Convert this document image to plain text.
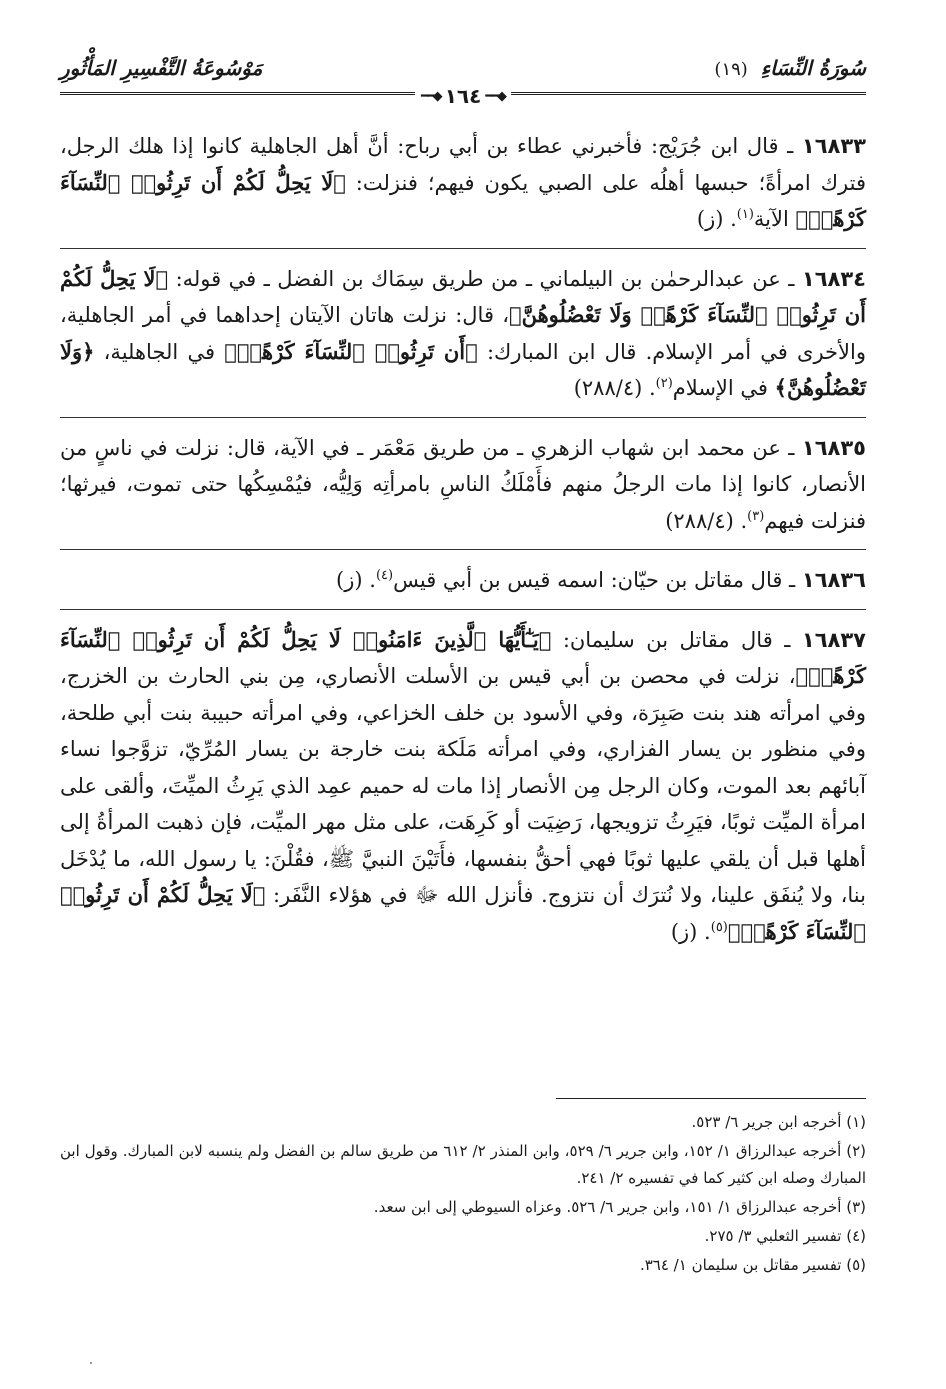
سُورَةُ النِّسَاءِ (١٩)
مَوْسُوعَةُ التَّفْسِيرِ المَأْثُورِ
◆━━
١٦٤
◆━━

١٦٨٣٣ ـ قال ابن جُرَيْج: فأخبرني عطاء بن أبي رباح: أنَّ أهل الجاهلية كانوا إذا هلك الرجل، فترك امرأةً؛ حبسها أهلُه على الصبي يكون فيهم؛ فنزلت: ﴿لَا يَحِلُّ لَكُمْ أَن تَرِثُوا۟ ٱلنِّسَآءَ كَرْهًاۖ﴾ الآية$^{(١)}$. (ز)

١٦٨٣٤ ـ عن عبدالرحمٰن بن البيلماني ـ من طريق سِمَاك بن الفضل ـ في قوله: ﴿لَا يَحِلُّ لَكُمْ أَن تَرِثُوا۟ ٱلنِّسَآءَ كَرْهًاۖ وَلَا تَعْضُلُوهُنَّ﴾، قال: نزلت هاتان الآيتان إحداهما في أمر الجاهلية، والأخرى في أمر الإسلام. قال ابن المبارك: ﴿أَن تَرِثُوا۟ ٱلنِّسَآءَ كَرْهًاۖ﴾ في الجاهلية، ﴿وَلَا تَعْضُلُوهُنَّ﴾ في الإسلام$^{(٢)}$. (٢٨٨/٤)

١٦٨٣٥ ـ عن محمد ابن شهاب الزهري ـ من طريق مَعْمَر ـ في الآية، قال: نزلت في ناسٍ من الأنصار، كانوا إذا مات الرجلُ منهم فأَمْلَكُ الناسِ بامرأتِه وَلِيُّه، فيُمْسِكُها حتى تموت، فيرثها؛ فنزلت فيهم$^{(٣)}$. (٢٨٨/٤)

١٦٨٣٦ ـ قال مقاتل بن حيّان: اسمه قيس بن أبي قيس$^{(٤)}$. (ز)

١٦٨٣٧ ـ قال مقاتل بن سليمان: ﴿يَـٰٓأَيُّهَا ٱلَّذِينَ ءَامَنُوا۟ لَا يَحِلُّ لَكُمْ أَن تَرِثُوا۟ ٱلنِّسَآءَ كَرْهًاۖ﴾، نزلت في محصن بن أبي قيس بن الأسلت الأنصاري، مِن بني الحارث بن الخزرج، وفي امرأته هند بنت صَبِرَة، وفي الأسود بن خلف الخزاعي، وفي امرأته حبيبة بنت أبي طلحة، وفي منظور بن يسار الفزاري، وفي امرأته مَلَكة بنت خارجة بن يسار المُرِّيّ، تزوَّجوا نساء آبائهم بعد الموت، وكان الرجل مِن الأنصار إذا مات له حميم عمِد الذي يَرِثُ الميِّتَ، وألقى على امرأة الميِّت ثوبًا، فيَرِثُ تزويجها، رَضِيَت أو كَرِهَت، على مثل مهر الميِّت، فإن ذهبت المرأةُ إلى أهلها قبل أن يلقي عليها ثوبًا فهي أحقُّ بنفسها، فأَتَيْنَ النبيَّ ﷺ، فقُلْنَ: يا رسول الله، ما يُدْخَل بنا، ولا يُنفَق علينا، ولا نُترَك أن نتزوج. فأنزل الله ﷻ في هؤلاء النَّفَر: ﴿لَا يَحِلُّ لَكُمْ أَن تَرِثُوا۟ ٱلنِّسَآءَ كَرْهًاۖ﴾$^{(٥)}$. (ز)

(١) أخرجه ابن جرير ٦/ ٥٢٣.

(٢) أخرجه عبدالرزاق ١/ ١٥٢، وابن جرير ٦/ ٥٢٩، وابن المنذر ٢/ ٦١٢ من طريق سالم بن الفضل ولم ينسبه لابن المبارك. وقول ابن المبارك وصله ابن كثير كما في تفسيره ٢/ ٢٤١.

(٣) أخرجه عبدالرزاق ١/ ١٥١، وابن جرير ٦/ ٥٢٦. وعزاه السيوطي إلى ابن سعد.

(٤) تفسير الثعلبي ٣/ ٢٧٥.

(٥) تفسير مقاتل بن سليمان ١/ ٣٦٤.
